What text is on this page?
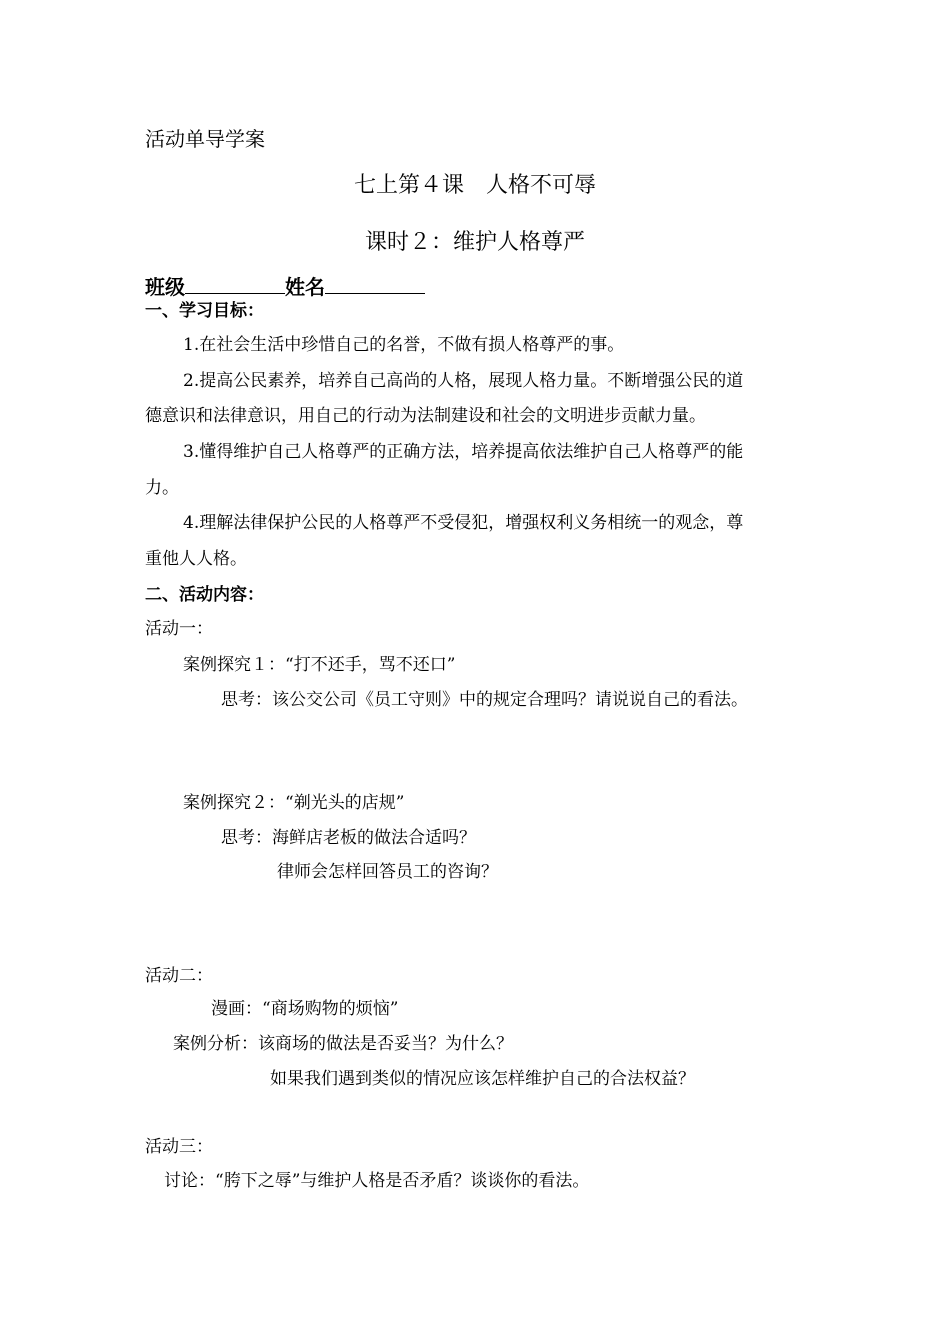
活动单导学案
七上第４课　人格不可辱
课时２：维护人格尊严
班级	姓名
一、学习目标：
1.在社会生活中珍惜自己的名誉，不做有损人格尊严的事。
2.提高公民素养，培养自己高尚的人格，展现人格力量。不断增强公民的道
德意识和法律意识，用自己的行动为法制建设和社会的文明进步贡献力量。
3.懂得维护自己人格尊严的正确方法，培养提高依法维护自己人格尊严的能
力。
4.理解法律保护公民的人格尊严不受侵犯，增强权利义务相统一的观念，尊
重他人人格。
二、活动内容：
活动一：
案例探究１：“打不还手，骂不还口”
思考：该公交公司《员工守则》中的规定合理吗？请说说自己的看法。
案例探究２：“剃光头的店规”
思考：海鲜店老板的做法合适吗？
律师会怎样回答员工的咨询？
活动二：
漫画：“商场购物的烦恼”
案例分析：该商场的做法是否妥当？为什么？
如果我们遇到类似的情况应该怎样维护自己的合法权益？
活动三：
讨论：“胯下之辱”与维护人格是否矛盾？谈谈你的看法。
